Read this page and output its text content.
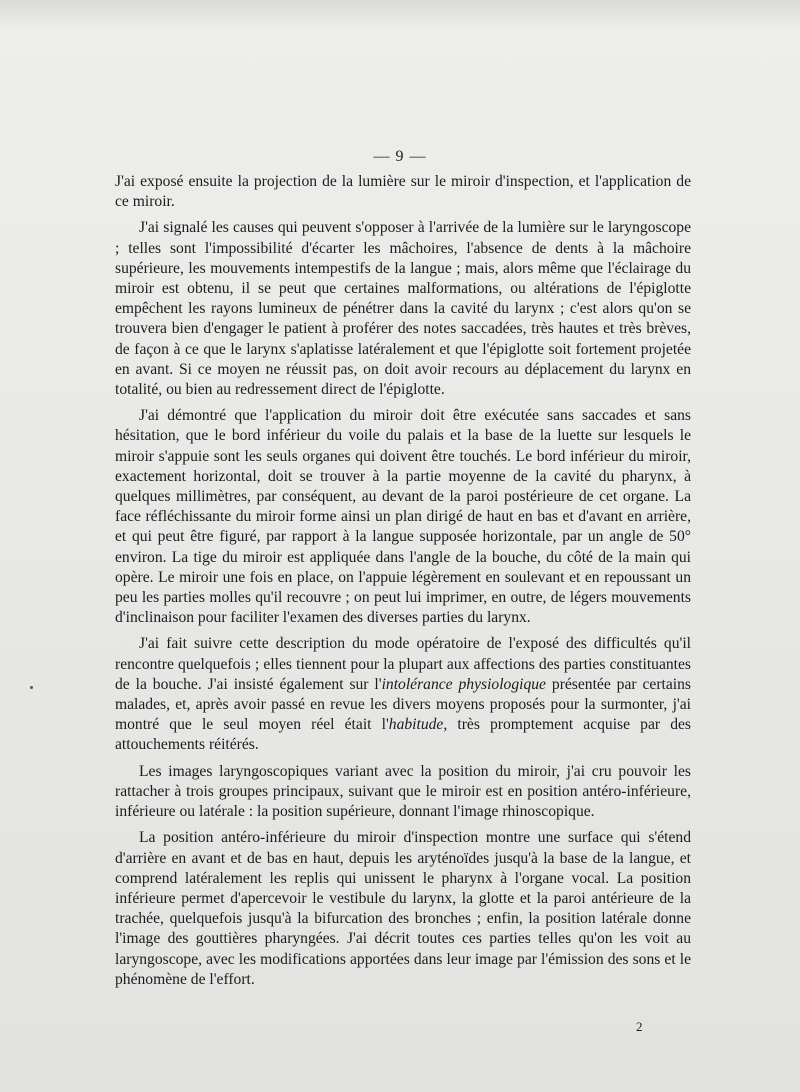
— 9 —

J'ai exposé ensuite la projection de la lumière sur le miroir d'inspection, et l'application de ce miroir.

J'ai signalé les causes qui peuvent s'opposer à l'arrivée de la lumière sur le laryngoscope ; telles sont l'impossibilité d'écarter les mâchoires, l'absence de dents à la mâchoire supérieure, les mouvements intempestifs de la langue ; mais, alors même que l'éclairage du miroir est obtenu, il se peut que certaines malformations, ou altérations de l'épiglotte empêchent les rayons lumineux de pénétrer dans la cavité du larynx ; c'est alors qu'on se trouvera bien d'engager le patient à proférer des notes saccadées, très hautes et très brèves, de façon à ce que le larynx s'aplatisse latéralement et que l'épiglotte soit fortement projetée en avant. Si ce moyen ne réussit pas, on doit avoir recours au déplacement du larynx en totalité, ou bien au redressement direct de l'épiglotte.

J'ai démontré que l'application du miroir doit être exécutée sans saccades et sans hésitation, que le bord inférieur du voile du palais et la base de la luette sur lesquels le miroir s'appuie sont les seuls organes qui doivent être touchés. Le bord inférieur du miroir, exactement horizontal, doit se trouver à la partie moyenne de la cavité du pharynx, à quelques millimètres, par conséquent, au devant de la paroi postérieure de cet organe. La face réfléchissante du miroir forme ainsi un plan dirigé de haut en bas et d'avant en arrière, et qui peut être figuré, par rapport à la langue supposée horizontale, par un angle de 50° environ. La tige du miroir est appliquée dans l'angle de la bouche, du côté de la main qui opère. Le miroir une fois en place, on l'appuie légèrement en soulevant et en repoussant un peu les parties molles qu'il recouvre ; on peut lui imprimer, en outre, de légers mouvements d'inclinaison pour faciliter l'examen des diverses parties du larynx.

J'ai fait suivre cette description du mode opératoire de l'exposé des difficultés qu'il rencontre quelquefois ; elles tiennent pour la plupart aux affections des parties constituantes de la bouche. J'ai insisté également sur l'intolérance physiologique présentée par certains malades, et, après avoir passé en revue les divers moyens proposés pour la surmonter, j'ai montré que le seul moyen réel était l'habitude, très promptement acquise par des attouchements réitérés.

Les images laryngoscopiques variant avec la position du miroir, j'ai cru pouvoir les rattacher à trois groupes principaux, suivant que le miroir est en position antéro-inférieure, inférieure ou latérale : la position supérieure, donnant l'image rhinoscopique.

La position antéro-inférieure du miroir d'inspection montre une surface qui s'étend d'arrière en avant et de bas en haut, depuis les aryténoïdes jusqu'à la base de la langue, et comprend latéralement les replis qui unissent le pharynx à l'organe vocal. La position inférieure permet d'apercevoir le vestibule du larynx, la glotte et la paroi antérieure de la trachée, quelquefois jusqu'à la bifurcation des bronches ; enfin, la position latérale donne l'image des gouttières pharyngées. J'ai décrit toutes ces parties telles qu'on les voit au laryngoscope, avec les modifications apportées dans leur image par l'émission des sons et le phénomène de l'effort.

2
